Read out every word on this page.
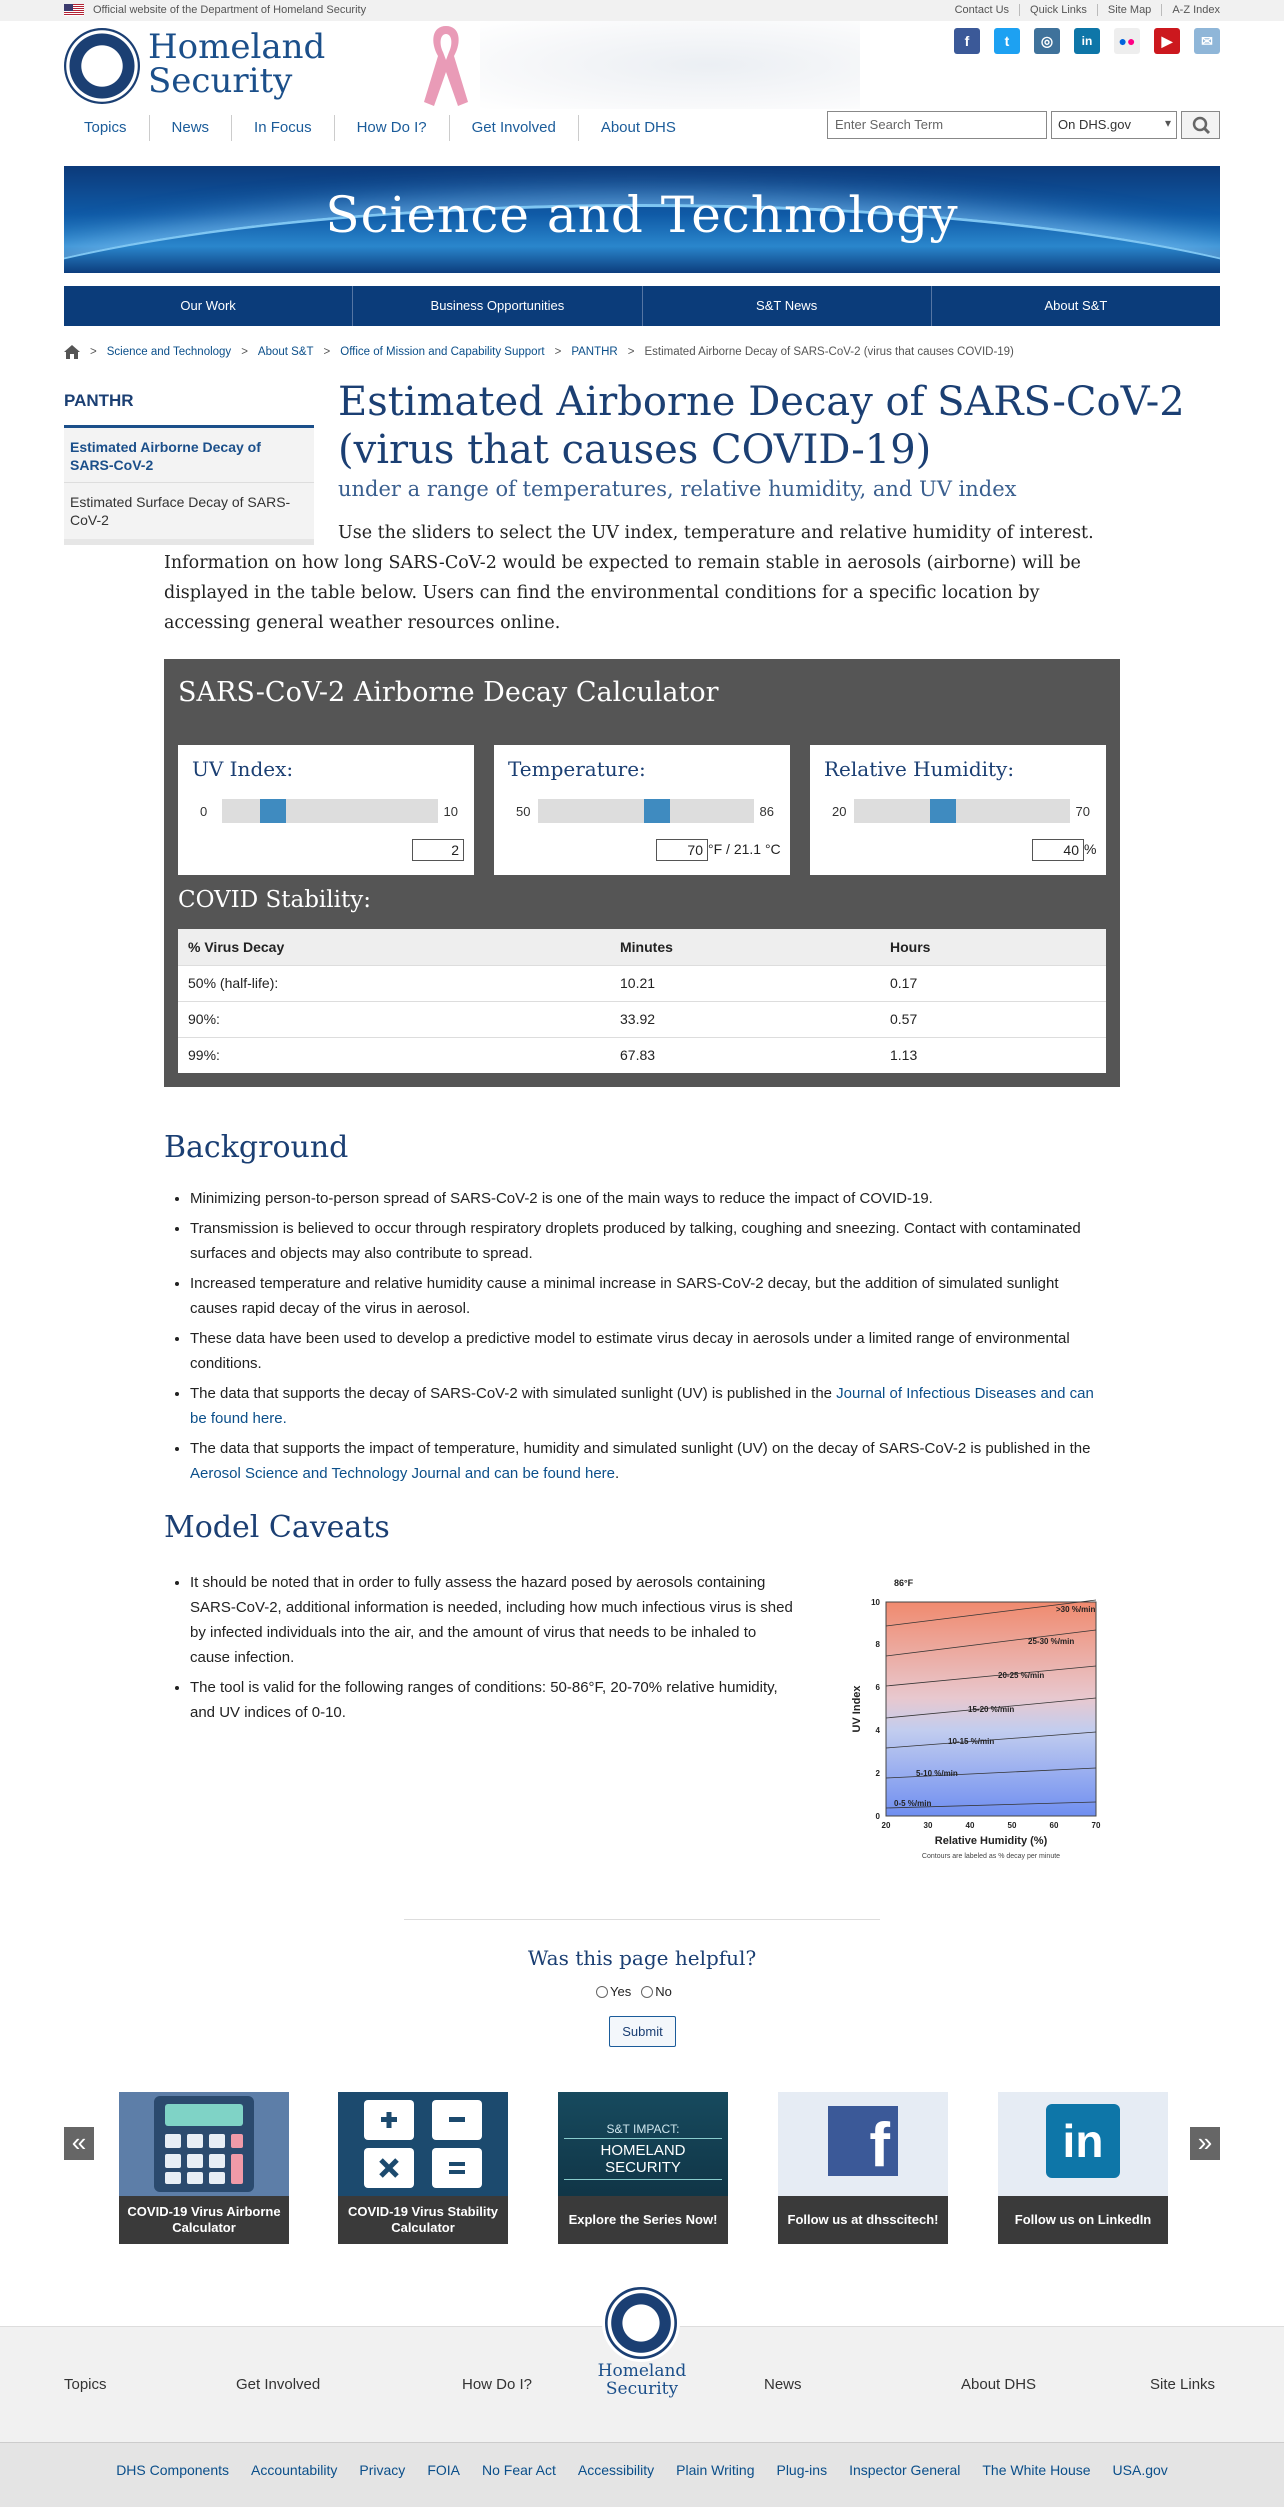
Official website of the Department of Homeland Security	Contact Us	Quick Links	Site Map	A-Z Index
Homeland
Security
f	t	◎	in	●●	▶	✉
Topics	News	In Focus	How Do I?	Get Involved	About DHS	Enter Search Term	On DHS.gov ▾
Science and Technology
Our Work	Business Opportunities	S&T News	About S&T
> Science and Technology > About S&T > Office of Mission and Capability Support > PANTHR > Estimated Airborne Decay of SARS-CoV-2 (virus that causes COVID-19)
PANTHR
Estimated Airborne Decay of SARS-CoV-2
Estimated Surface Decay of SARS-CoV-2
Estimated Airborne Decay of SARS-CoV-2 (virus that causes COVID-19)
under a range of temperatures, relative humidity, and UV index

Use the sliders to select the UV index, temperature and relative humidity of interest. Information on how long SARS-CoV-2 would be expected to remain stable in aerosols (airborne) will be displayed in the table below. Users can find the environmental conditions for a specific location by accessing general weather resources online.

SARS-CoV-2 Airborne Decay Calculator
UV Index:
0	10
2
Temperature:
50	86
70 °F / 21.1 °C
Relative Humidity:
20	70
40 %
COVID Stability:
% Virus Decay	Minutes	Hours
50% (half-life):	10.21	0.17
90%:	33.92	0.57
99%:	67.83	1.13
Background
• Minimizing person-to-person spread of SARS-CoV-2 is one of the main ways to reduce the impact of COVID-19.
• Transmission is believed to occur through respiratory droplets produced by talking, coughing and sneezing. Contact with contaminated surfaces and objects may also contribute to spread.
• Increased temperature and relative humidity cause a minimal increase in SARS-CoV-2 decay, but the addition of simulated sunlight causes rapid decay of the virus in aerosol.
• These data have been used to develop a predictive model to estimate virus decay in aerosols under a limited range of environmental conditions.
• The data that supports the decay of SARS-CoV-2 with simulated sunlight (UV) is published in the Journal of Infectious Diseases and can be found here.
• The data that supports the impact of temperature, humidity and simulated sunlight (UV) on the decay of SARS-CoV-2 is published in the Aerosol Science and Technology Journal and can be found here.
Model Caveats
• It should be noted that in order to fully assess the hazard posed by aerosols containing SARS-CoV-2, additional information is needed, including how much infectious virus is shed by infected individuals into the air, and the amount of virus that needs to be inhaled to cause infection.
• The tool is valid for the following ranges of conditions: 50-86°F, 20-70% relative humidity, and UV indices of 0-10.
86°F
>30 %/min
25-30 %/min
20-25 %/min
15-20 %/min
10-15 %/min
5-10 %/min
0-5 %/min
0
2
4
6
8
10
20	30	40	50	60	70
Relative Humidity (%)
Contours are labeled as % decay per minute
UV Index
Was this page helpful?
Yes	No
Submit
«	»
COVID-19 Virus Airborne Calculator
COVID-19 Virus Stability Calculator
S&T IMPACT:
HOMELAND SECURITY
Explore the Series Now!
f
Follow us at dhsscitech!
in
Follow us on LinkedIn
Homeland
Security
Topics	Get Involved	How Do I?	News	About DHS	Site Links
DHS Components Accountability Privacy FOIA No Fear Act Accessibility Plain Writing Plug-ins Inspector General The White House USA.gov
